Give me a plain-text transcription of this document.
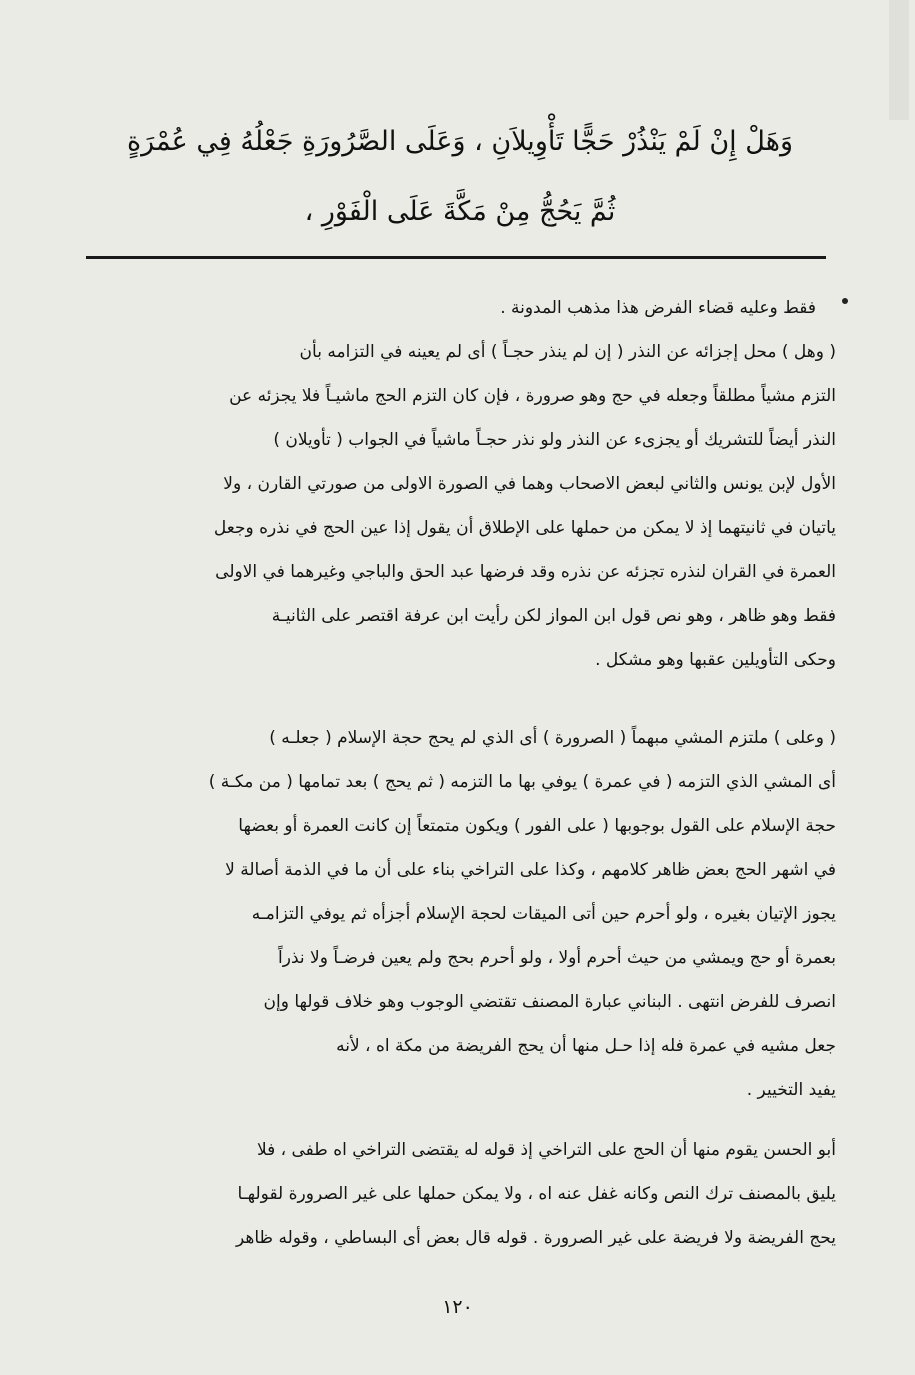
وَهَلْ إِنْ لَمْ يَنْذُرْ حَجًّا تَأْوِيلاَنِ ، وَعَلَى الصَّرُورَةِ جَعْلُهُ فِي عُمْرَةٍ
ثُمَّ يَحُجُّ مِنْ مَكَّةَ عَلَى الْفَوْرِ ،
فقط وعليه قضاء الفرض هذا مذهب المدونة .
( وهل ) محل إجزائه عن النذر ( إن لم ينذر حجـاً ) أى لم يعينه في التزامه بأن
التزم مشياً مطلقاً وجعله في حج وهو صرورة ، فإن كان التزم الحج ماشيـاً فلا يجزئه عن
النذر أيضاً للتشريك أو يجزىء عن النذر ولو نذر حجـاً ماشياً في الجواب ( تأويلان )
الأول لإبن يونس والثاني لبعض الاصحاب وهما في الصورة الاولى من صورتي القارن ، ولا
ياتيان في ثانيتهما إذ لا يمكن من حملها على الإطلاق أن يقول إذا عين الحج في نذره وجعل
العمرة في القران لنذره تجزئه عن نذره وقد فرضها عبد الحق والباجي وغيرهما في الاولى
فقط وهو ظاهر ، وهو نص قول ابن المواز لكن رأيت ابن عرفة اقتصر على الثانيـة
وحكى التأويلين عقبها وهو مشكل .
( وعلى ) ملتزم المشي مبهماً ( الصرورة ) أى الذي لم يحج حجة الإسلام ( جعلـه )
أى المشي الذي التزمه ( في عمرة ) يوفي بها ما التزمه ( ثم يحج ) بعد تمامها ( من مكـة )
حجة الإسلام على القول بوجوبها ( على الفور ) ويكون متمتعاً إن كانت العمرة أو بعضها
في اشهر الحج بعض ظاهر كلامهم ، وكذا على التراخي بناء على أن ما في الذمة أصالة لا
يجوز الإتيان بغيره ، ولو أحرم حين أتى الميقات لحجة الإسلام أجزأه ثم يوفي التزامـه
بعمرة أو حج ويمشي من حيث أحرم أولا ، ولو أحرم بحج ولم يعين فرضـاً ولا نذراً
انصرف للفرض انتهى . البناني عبارة المصنف تقتضي الوجوب وهو خلاف قولها وإن
جعل مشيه في عمرة فله إذا حـل منها أن يحج الفريضة من مكة اه ، لأنه
يفيد التخيير .
أبو الحسن يقوم منها أن الحج على التراخي إذ قوله له يقتضى التراخي اه طفى ، فلا
يليق بالمصنف ترك النص وكانه غفل عنه اه ، ولا يمكن حملها على غير الصرورة لقولهـا
يحج الفريضة ولا فريضة على غير الصرورة . قوله قال بعض أى البساطي ، وقوله ظاهر
١٢٠
